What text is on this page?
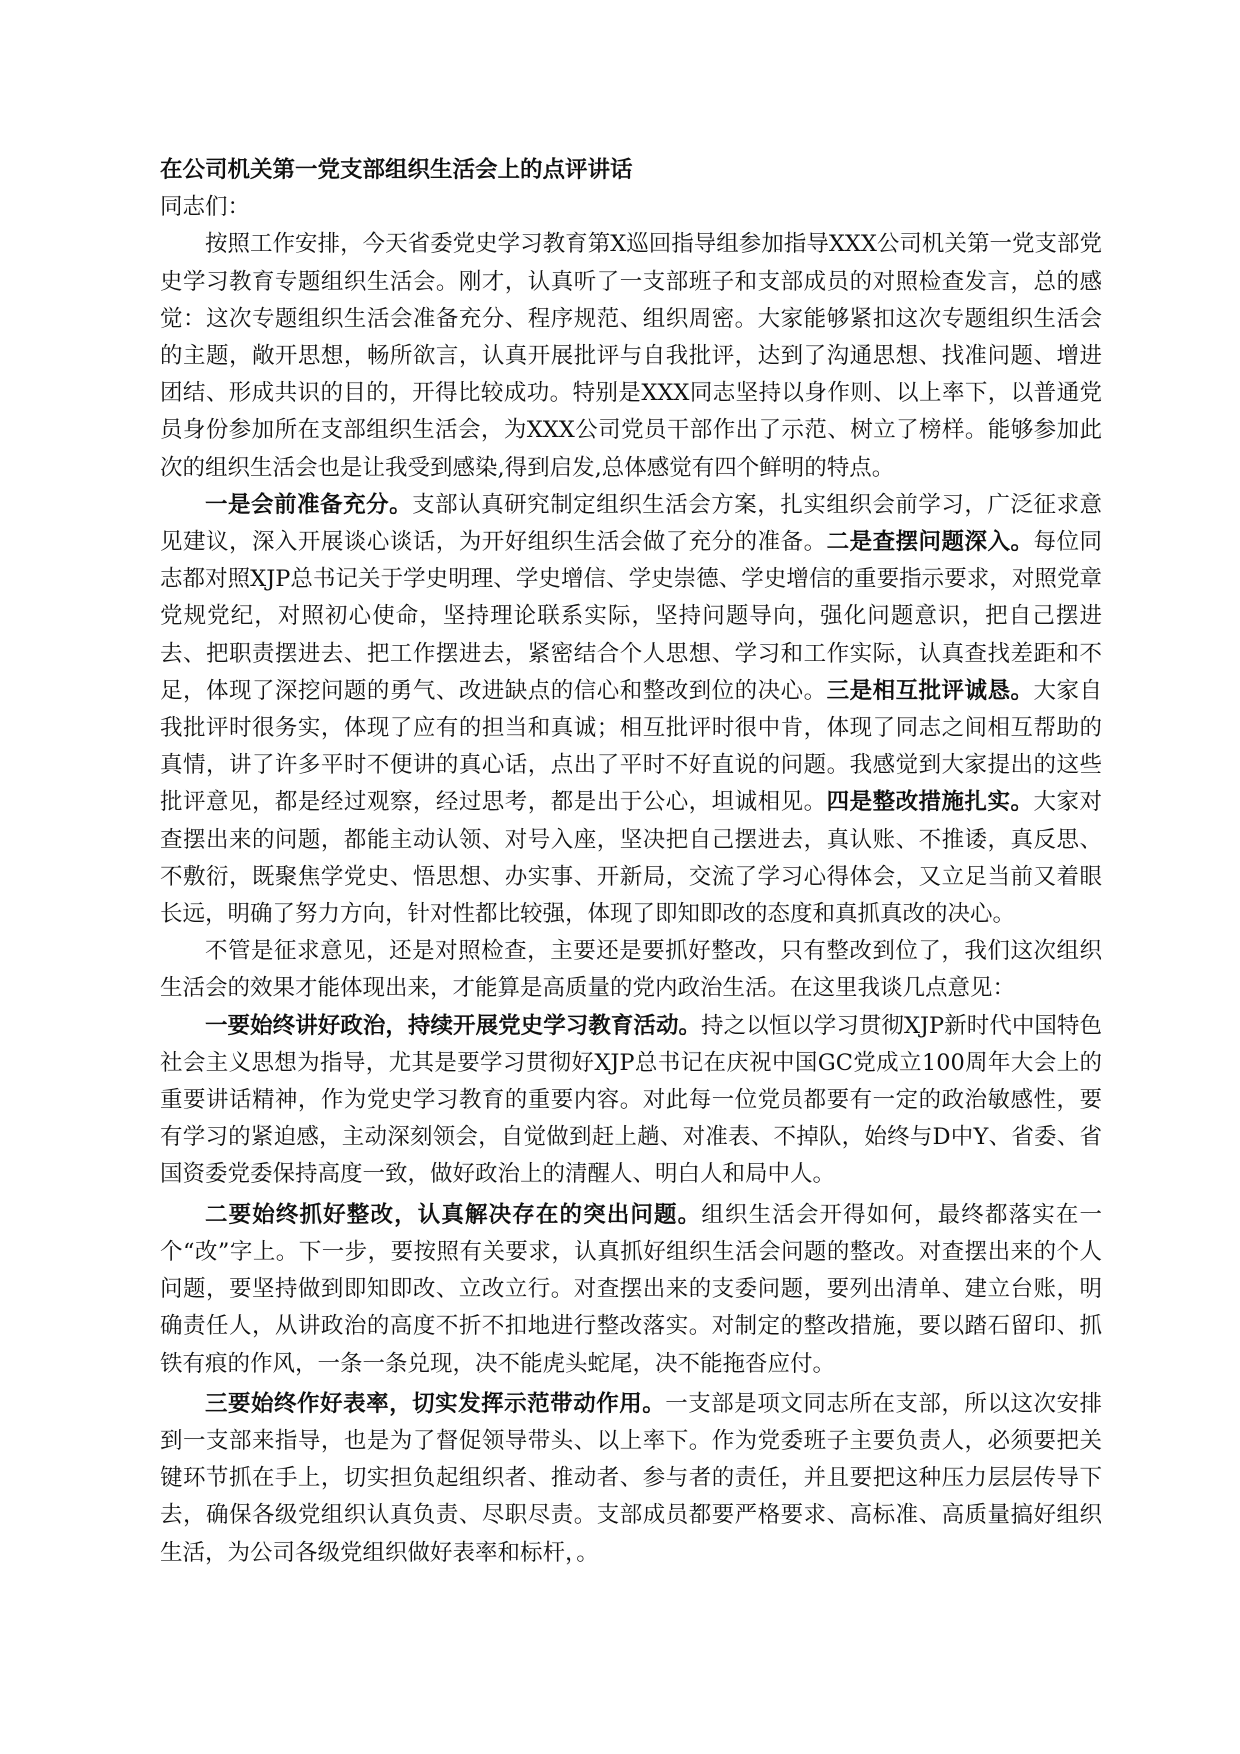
在公司机关第一党支部组织生活会上的点评讲话

同志们：

按照工作安排，今天省委党史学习教育第X巡回指导组参加指导XXX公司机关第一党支部党史学习教育专题组织生活会。刚才，认真听了一支部班子和支部成员的对照检查发言，总的感觉：这次专题组织生活会准备充分、程序规范、组织周密。大家能够紧扣这次专题组织生活会的主题，敞开思想，畅所欲言，认真开展批评与自我批评，达到了沟通思想、找准问题、增进团结、形成共识的目的，开得比较成功。特别是XXX同志坚持以身作则、以上率下，以普通党员身份参加所在支部组织生活会，为XXX公司党员干部作出了示范、树立了榜样。能够参加此次的组织生活会也是让我受到感染,得到启发,总体感觉有四个鲜明的特点。

一是会前准备充分。支部认真研究制定组织生活会方案，扎实组织会前学习，广泛征求意见建议，深入开展谈心谈话，为开好组织生活会做了充分的准备。二是查摆问题深入。每位同志都对照XJP总书记关于学史明理、学史增信、学史崇德、学史增信的重要指示要求，对照党章党规党纪，对照初心使命，坚持理论联系实际，坚持问题导向，强化问题意识，把自己摆进去、把职责摆进去、把工作摆进去，紧密结合个人思想、学习和工作实际，认真查找差距和不足，体现了深挖问题的勇气、改进缺点的信心和整改到位的决心。三是相互批评诚恳。大家自我批评时很务实，体现了应有的担当和真诚；相互批评时很中肯，体现了同志之间相互帮助的真情，讲了许多平时不便讲的真心话，点出了平时不好直说的问题。我感觉到大家提出的这些批评意见，都是经过观察，经过思考，都是出于公心，坦诚相见。四是整改措施扎实。大家对查摆出来的问题，都能主动认领、对号入座，坚决把自己摆进去，真认账、不推诿，真反思、不敷衍，既聚焦学党史、悟思想、办实事、开新局，交流了学习心得体会，又立足当前又着眼长远，明确了努力方向，针对性都比较强，体现了即知即改的态度和真抓真改的决心。

不管是征求意见，还是对照检查，主要还是要抓好整改，只有整改到位了，我们这次组织生活会的效果才能体现出来，才能算是高质量的党内政治生活。在这里我谈几点意见：

一要始终讲好政治，持续开展党史学习教育活动。持之以恒以学习贯彻XJP新时代中国特色社会主义思想为指导，尤其是要学习贯彻好XJP总书记在庆祝中国GC党成立100周年大会上的重要讲话精神，作为党史学习教育的重要内容。对此每一位党员都要有一定的政治敏感性，要有学习的紧迫感，主动深刻领会，自觉做到赶上趟、对准表、不掉队，始终与D中Y、省委、省国资委党委保持高度一致，做好政治上的清醒人、明白人和局中人。

二要始终抓好整改，认真解决存在的突出问题。组织生活会开得如何，最终都落实在一个“改”字上。下一步，要按照有关要求，认真抓好组织生活会问题的整改。对查摆出来的个人问题，要坚持做到即知即改、立改立行。对查摆出来的支委问题，要列出清单、建立台账，明确责任人，从讲政治的高度不折不扣地进行整改落实。对制定的整改措施，要以踏石留印、抓铁有痕的作风，一条一条兑现，决不能虎头蛇尾，决不能拖沓应付。

三要始终作好表率，切实发挥示范带动作用。一支部是项文同志所在支部，所以这次安排到一支部来指导，也是为了督促领导带头、以上率下。作为党委班子主要负责人，必须要把关键环节抓在手上，切实担负起组织者、推动者、参与者的责任，并且要把这种压力层层传导下去，确保各级党组织认真负责、尽职尽责。支部成员都要严格要求、高标准、高质量搞好组织生活，为公司各级党组织做好表率和标杆，。
